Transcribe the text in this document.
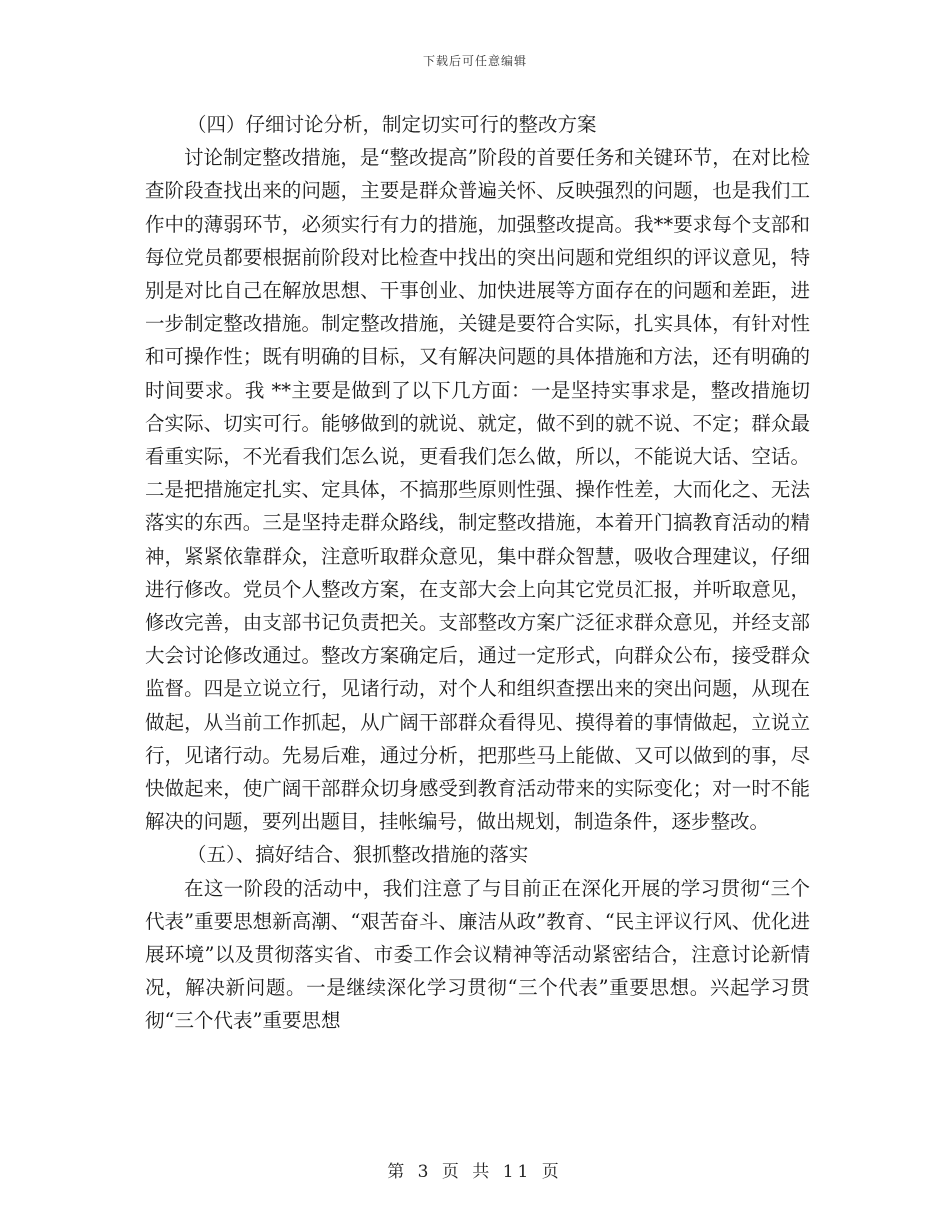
下载后可任意编辑
（四）仔细讨论分析，制定切实可行的整改方案

讨论制定整改措施，是“整改提高”阶段的首要任务和关键环节，在对比检查阶段查找出来的问题，主要是群众普遍关怀、反映强烈的问题，也是我们工作中的薄弱环节，必须实行有力的措施，加强整改提高。我**要求每个支部和每位党员都要根据前阶段对比检查中找出的突出问题和党组织的评议意见，特别是对比自己在解放思想、干事创业、加快进展等方面存在的问题和差距，进一步制定整改措施。制定整改措施，关键是要符合实际，扎实具体，有针对性和可操作性；既有明确的目标，又有解决问题的具体措施和方法，还有明确的时间要求。我 **主要是做到了以下几方面：一是坚持实事求是，整改措施切合实际、切实可行。能够做到的就说、就定，做不到的就不说、不定；群众最看重实际，不光看我们怎么说，更看我们怎么做，所以，不能说大话、空话。二是把措施定扎实、定具体，不搞那些原则性强、操作性差，大而化之、无法落实的东西。三是坚持走群众路线，制定整改措施，本着开门搞教育活动的精神，紧紧依靠群众，注意听取群众意见，集中群众智慧，吸收合理建议，仔细进行修改。党员个人整改方案，在支部大会上向其它党员汇报，并听取意见，修改完善，由支部书记负责把关。支部整改方案广泛征求群众意见，并经支部大会讨论修改通过。整改方案确定后，通过一定形式，向群众公布，接受群众监督。四是立说立行，见诸行动，对个人和组织查摆出来的突出问题，从现在做起，从当前工作抓起，从广阔干部群众看得见、摸得着的事情做起，立说立行，见诸行动。先易后难，通过分析，把那些马上能做、又可以做到的事，尽快做起来，使广阔干部群众切身感受到教育活动带来的实际变化；对一时不能解决的问题，要列出题目，挂帐编号，做出规划，制造条件，逐步整改。

（五）、搞好结合、狠抓整改措施的落实

在这一阶段的活动中，我们注意了与目前正在深化开展的学习贯彻“三个代表”重要思想新高潮、“艰苦奋斗、廉洁从政”教育、“民主评议行风、优化进展环境”以及贯彻落实省、市委工作会议精神等活动紧密结合，注意讨论新情况，解决新问题。一是继续深化学习贯彻“三个代表”重要思想。兴起学习贯彻“三个代表”重要思想

第 3 页 共 11 页
